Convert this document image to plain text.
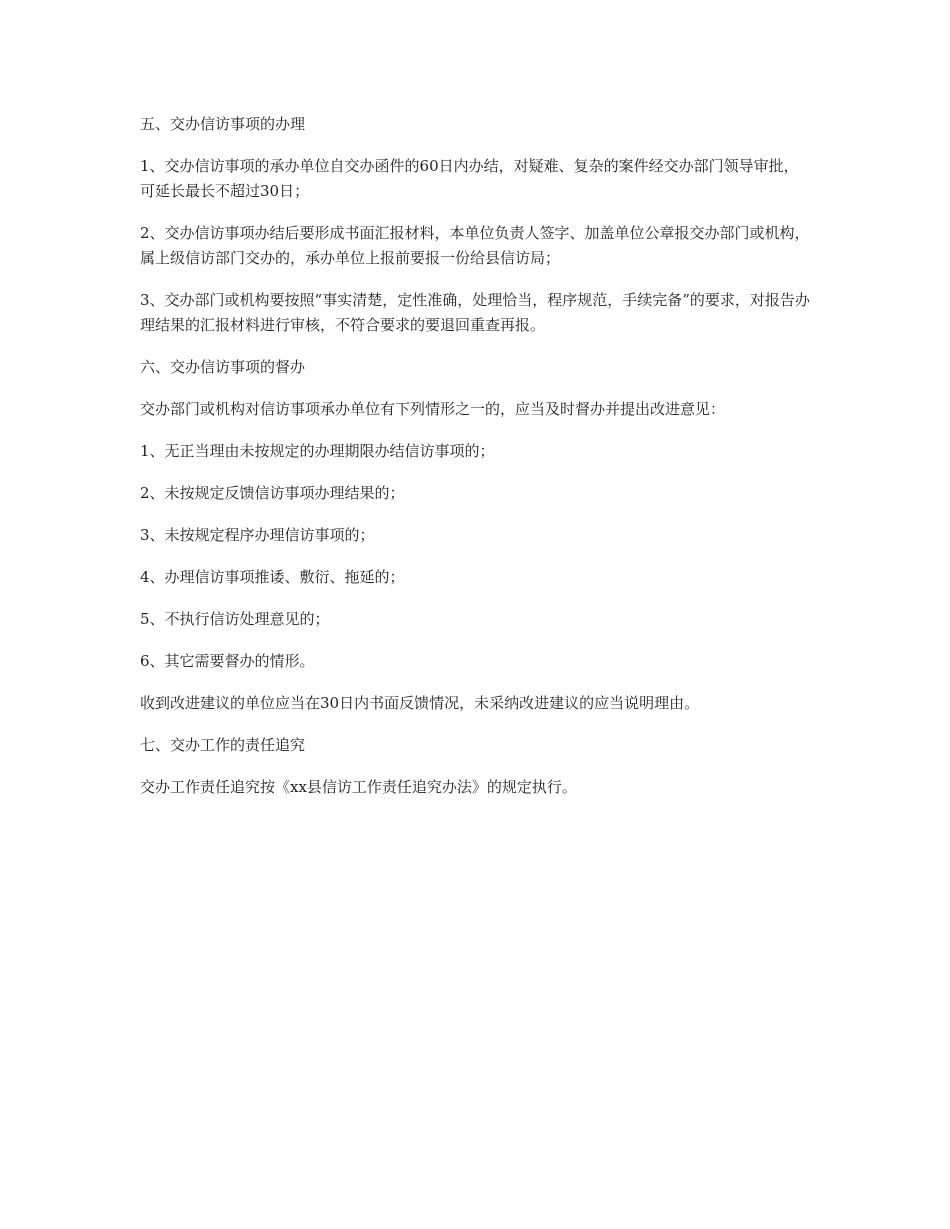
五、交办信访事项的办理

1、交办信访事项的承办单位自交办函件的60日内办结，对疑难、复杂的案件经交办部门领导审批，可延长最长不超过30日；

2、交办信访事项办结后要形成书面汇报材料，本单位负责人签字、加盖单位公章报交办部门或机构，属上级信访部门交办的，承办单位上报前要报一份给县信访局；

3、交办部门或机构要按照“事实清楚，定性准确，处理恰当，程序规范，手续完备”的要求，对报告办理结果的汇报材料进行审核，不符合要求的要退回重查再报。

六、交办信访事项的督办

交办部门或机构对信访事项承办单位有下列情形之一的，应当及时督办并提出改进意见：

1、无正当理由未按规定的办理期限办结信访事项的；

2、未按规定反馈信访事项办理结果的；

3、未按规定程序办理信访事项的；

4、办理信访事项推诿、敷衍、拖延的；

5、不执行信访处理意见的；

6、其它需要督办的情形。

收到改进建议的单位应当在30日内书面反馈情况，未采纳改进建议的应当说明理由。

七、交办工作的责任追究

交办工作责任追究按《xx县信访工作责任追究办法》的规定执行。
